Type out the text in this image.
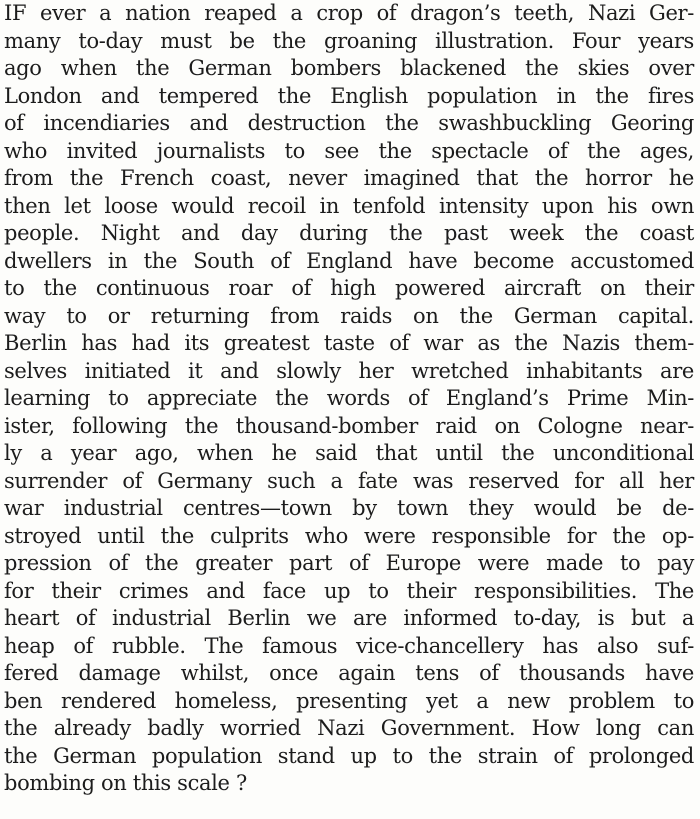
IF ever a nation reaped a crop of dragon’s teeth, Nazi Ger-
many to-day must be the groaning illustration. Four years
ago when the German bombers blackened the skies over
London and tempered the English population in the fires
of incendiaries and destruction the swashbuckling Georing
who invited journalists to see the spectacle of the ages,
from the French coast, never imagined that the horror he
then let loose would recoil in tenfold intensity upon his own
people. Night and day during the past week the coast
dwellers in the South of England have become accustomed
to the continuous roar of high powered aircraft on their
way to or returning from raids on the German capital.
Berlin has had its greatest taste of war as the Nazis them-
selves initiated it and slowly her wretched inhabitants are
learning to appreciate the words of England’s Prime Min-
ister, following the thousand-bomber raid on Cologne near-
ly a year ago, when he said that until the unconditional
surrender of Germany such a fate was reserved for all her
war industrial centres—town by town they would be de-
stroyed until the culprits who were responsible for the op-
pression of the greater part of Europe were made to pay
for their crimes and face up to their responsibilities. The
heart of industrial Berlin we are informed to-day, is but a
heap of rubble. The famous vice-chancellery has also suf-
fered damage whilst, once again tens of thousands have
ben rendered homeless, presenting yet a new problem to
the already badly worried Nazi Government. How long can
the German population stand up to the strain of prolonged
bombing on this scale ?
